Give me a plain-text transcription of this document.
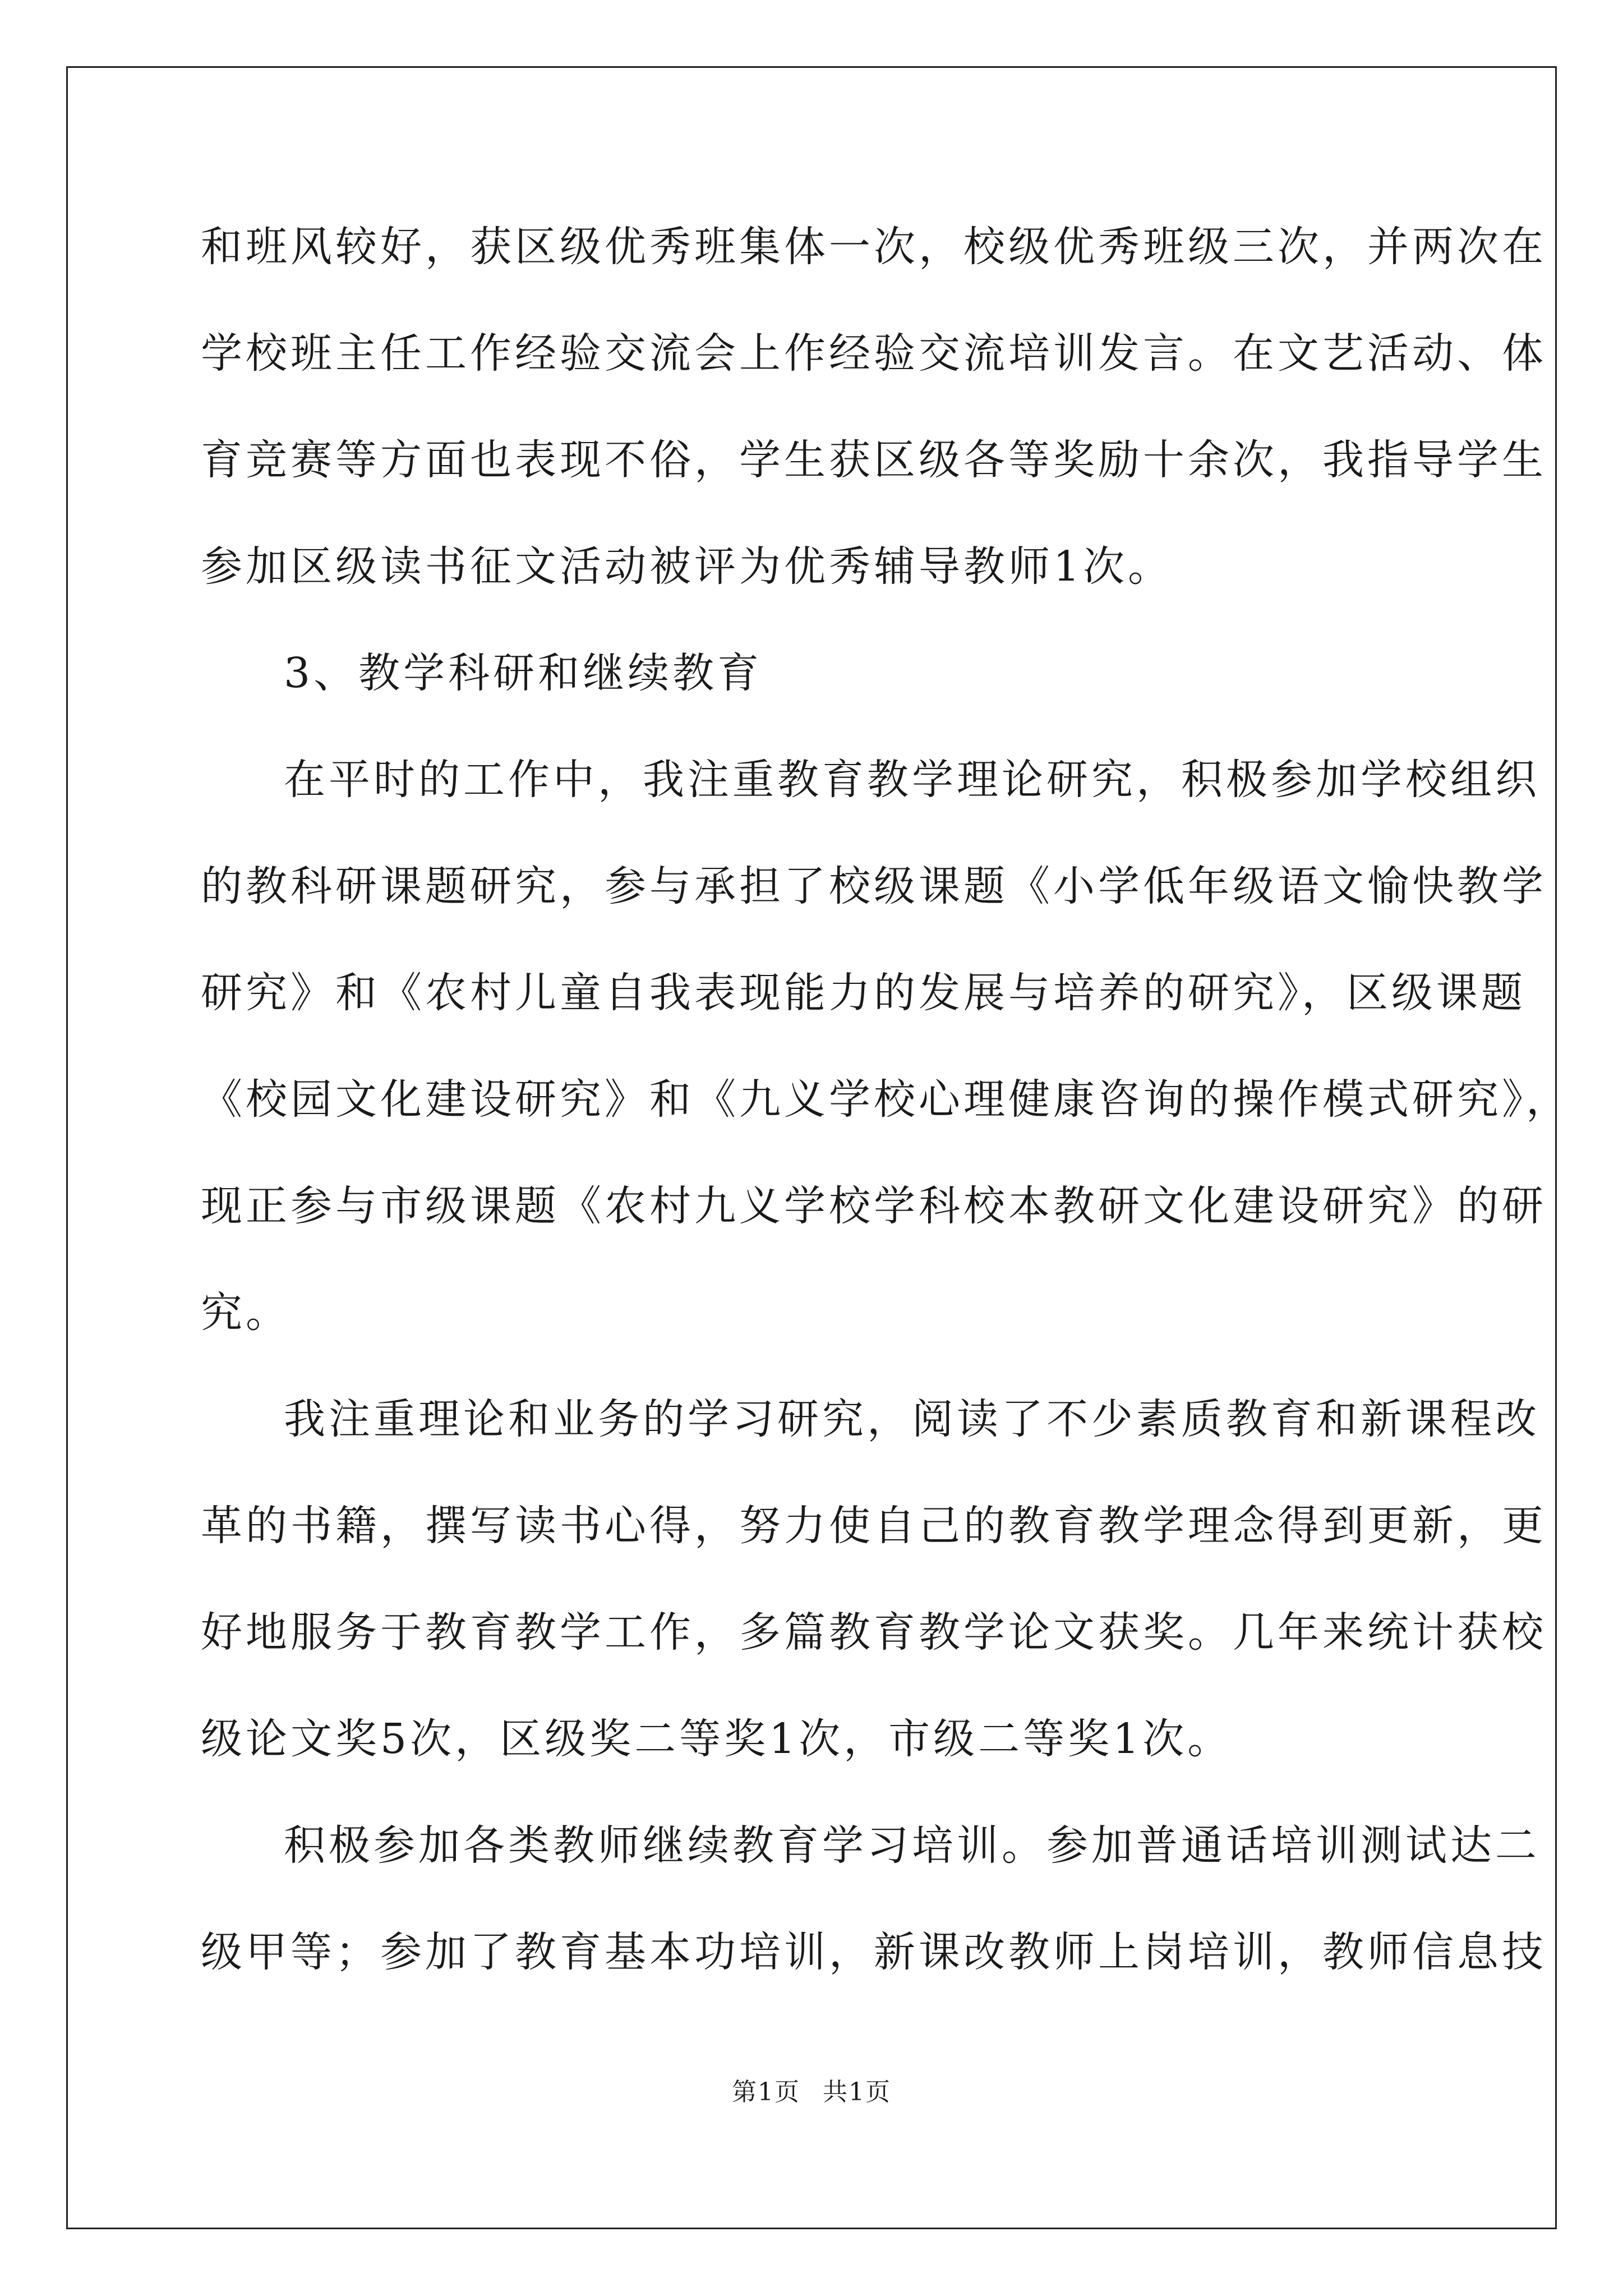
和班风较好，获区级优秀班集体一次，校级优秀班级三次，并两次在
学校班主任工作经验交流会上作经验交流培训发言。在文艺活动、体
育竞赛等方面也表现不俗，学生获区级各等奖励十余次，我指导学生
参加区级读书征文活动被评为优秀辅导教师1次。
3、教学科研和继续教育
在平时的工作中，我注重教育教学理论研究，积极参加学校组织
的教科研课题研究，参与承担了校级课题《小学低年级语文愉快教学
研究》和《农村儿童自我表现能力的发展与培养的研究》，区级课题
《校园文化建设研究》和《九义学校心理健康咨询的操作模式研究》，
现正参与市级课题《农村九义学校学科校本教研文化建设研究》的研
究。
我注重理论和业务的学习研究，阅读了不少素质教育和新课程改
革的书籍，撰写读书心得，努力使自己的教育教学理念得到更新，更
好地服务于教育教学工作，多篇教育教学论文获奖。几年来统计获校
级论文奖5次，区级奖二等奖1次，市级二等奖1次。
积极参加各类教师继续教育学习培训。参加普通话培训测试达二
级甲等；参加了教育基本功培训，新课改教师上岗培训，教师信息技
第1页 共1页
